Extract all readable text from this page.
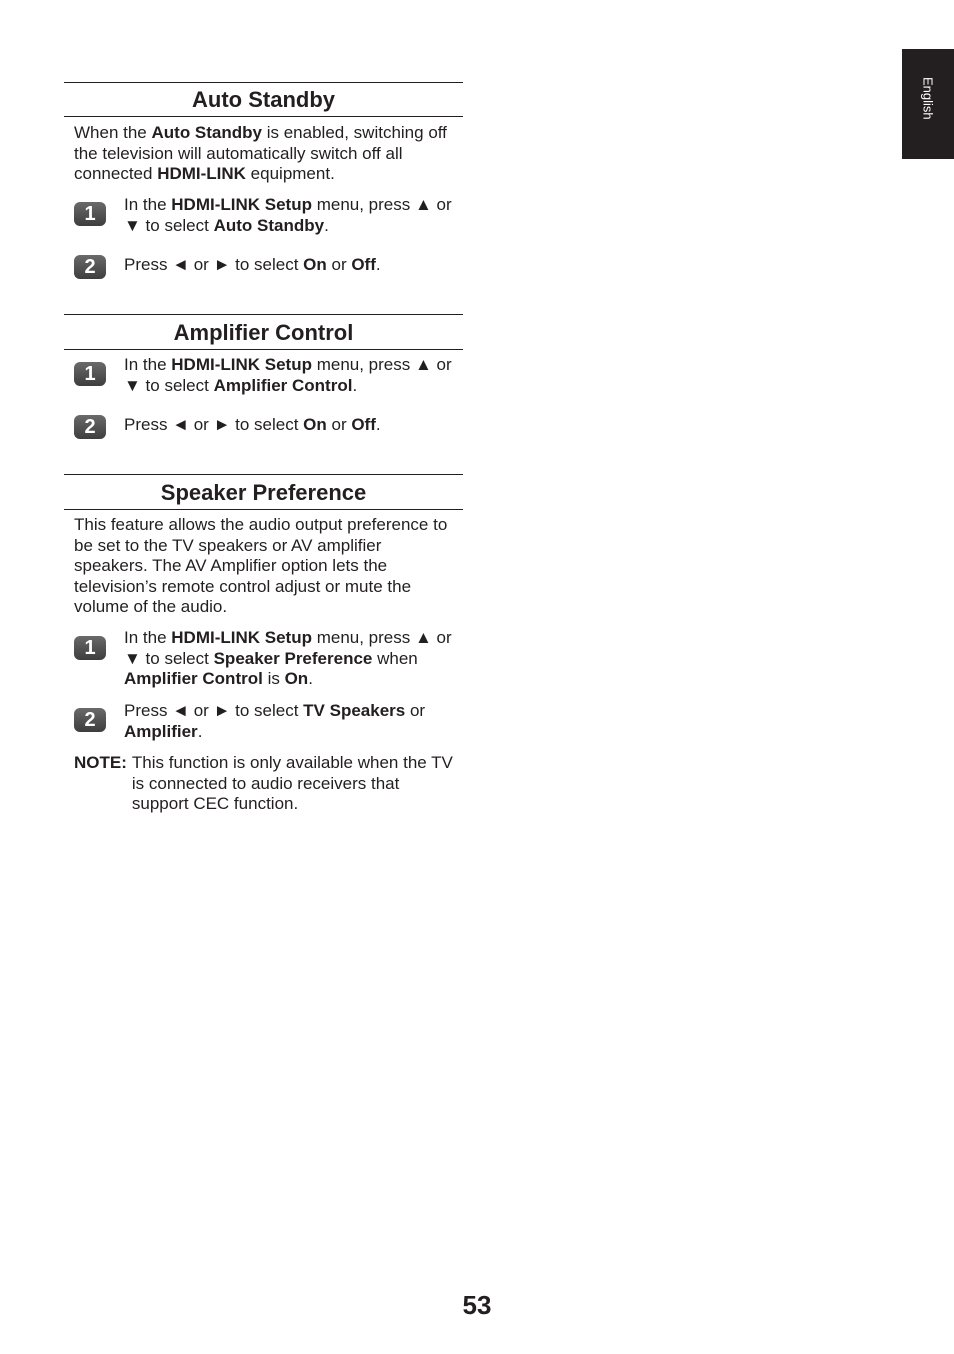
English
Auto Standby
When the Auto Standby is enabled, switching off the television will automatically switch off all connected HDMI-LINK equipment.
1	In the HDMI-LINK Setup menu, press ▲ or ▼ to select Auto Standby.
2	Press ◄ or ► to select On or Off.
Amplifier Control
1	In the HDMI-LINK Setup menu, press ▲ or ▼ to select Amplifier Control.
2	Press ◄ or ► to select On or Off.
Speaker Preference
This feature allows the audio output preference to be set to the TV speakers or AV amplifier speakers. The AV Amplifier option lets the television’s remote control adjust or mute the volume of the audio.
1	In the HDMI-LINK Setup menu, press ▲ or ▼ to select Speaker Preference when Amplifier Control is On.
2	Press ◄ or ► to select TV Speakers or Amplifier.
NOTE: This function is only available when the TV is connected to audio receivers that support CEC function.
53
